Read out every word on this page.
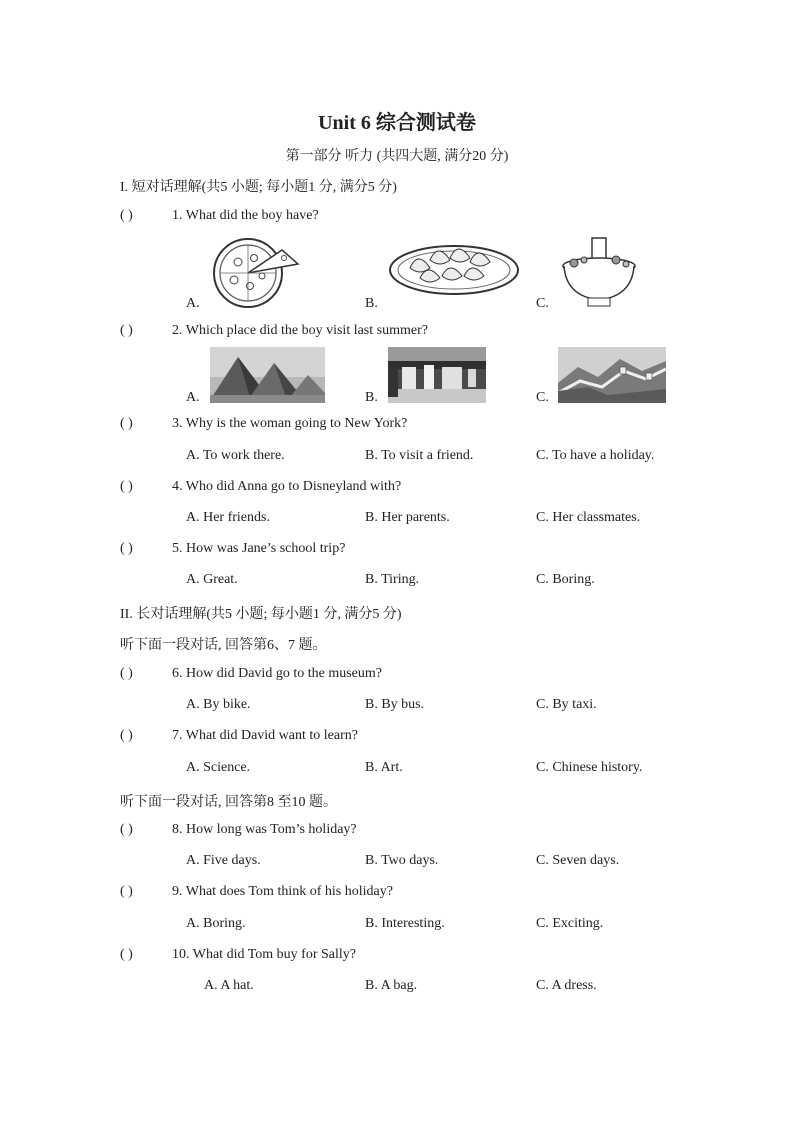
Unit 6 综合测试卷
第一部分 听力 (共四大题, 满分20 分)
I. 短对话理解(共5 小题; 每小题1 分, 满分5 分)
( )	1. What did the boy have?
A.	B.	C.
( )	2. Which place did the boy visit last summer?
A.	B.	C.
( )	3. Why is the woman going to New York?
A. To work there.	B. To visit a friend.	C. To have a holiday.
( )	4. Who did Anna go to Disneyland with?
A. Her friends.	B. Her parents.	C. Her classmates.
( )	5. How was Jane’s school trip?
A. Great.	B. Tiring.	C. Boring.
II. 长对话理解(共5 小题; 每小题1 分, 满分5 分)
听下面一段对话, 回答第6、7 题。
( )	6. How did David go to the museum?
A. By bike.	B. By bus.	C. By taxi.
( )	7. What did David want to learn?
A. Science.	B. Art.	C. Chinese history.
听下面一段对话, 回答第8 至10 题。
( )	8. How long was Tom’s holiday?
A. Five days.	B. Two days.	C. Seven days.
( )	9. What does Tom think of his holiday?
A. Boring.	B. Interesting.	C. Exciting.
( )	10. What did Tom buy for Sally?
A. A hat.	B. A bag.	C. A dress.
